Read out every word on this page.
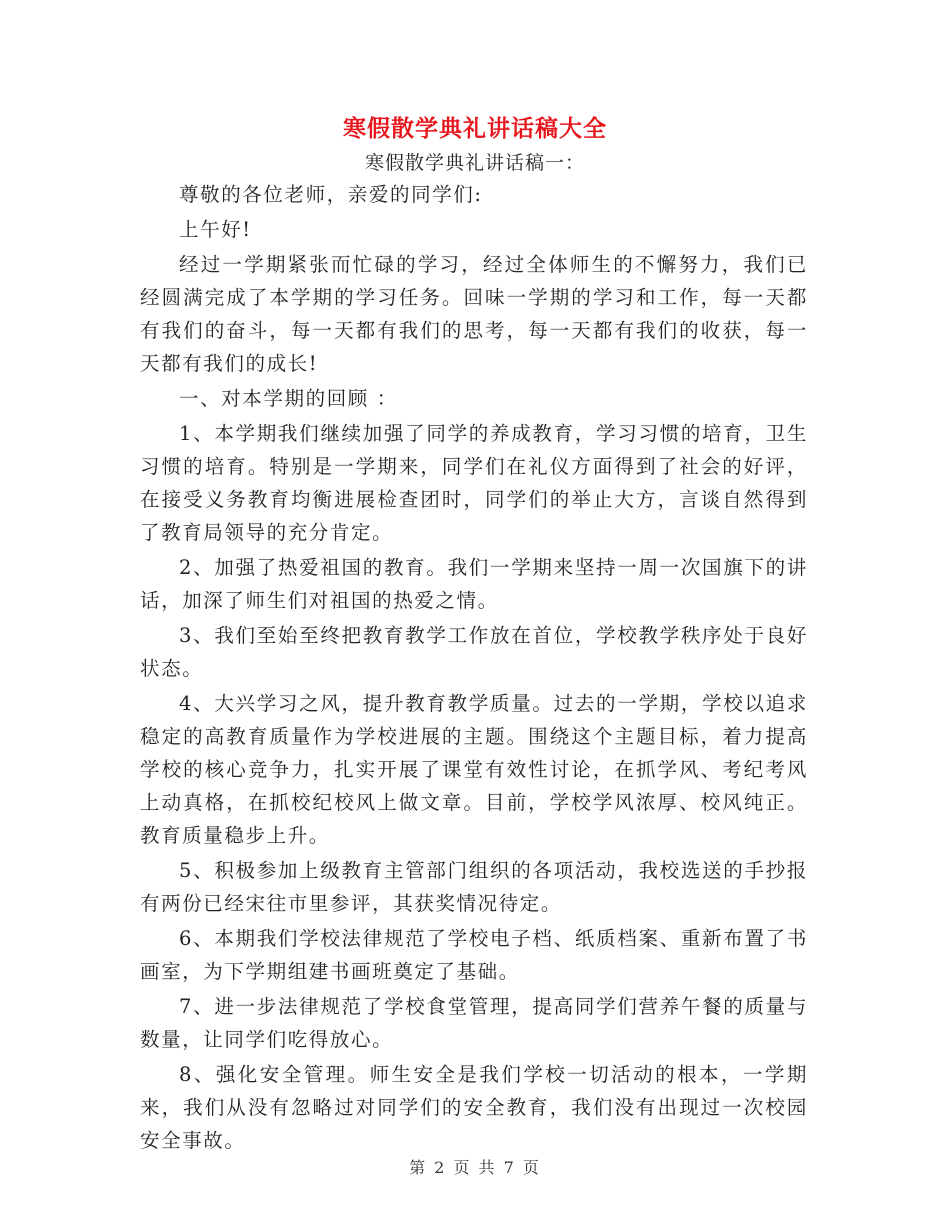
寒假散学典礼讲话稿大全
寒假散学典礼讲话稿一：

尊敬的各位老师，亲爱的同学们:

上午好!

经过一学期紧张而忙碌的学习，经过全体师生的不懈努力，我们已经圆满完成了本学期的学习任务。回味一学期的学习和工作，每一天都有我们的奋斗，每一天都有我们的思考，每一天都有我们的收获，每一天都有我们的成长!

一、对本学期的回顾 ：

1、本学期我们继续加强了同学的养成教育，学习习惯的培育，卫生习惯的培育。特别是一学期来，同学们在礼仪方面得到了社会的好评，在接受义务教育均衡进展检查团时，同学们的举止大方，言谈自然得到了教育局领导的充分肯定。

2、加强了热爱祖国的教育。我们一学期来坚持一周一次国旗下的讲话，加深了师生们对祖国的热爱之情。

3、我们至始至终把教育教学工作放在首位，学校教学秩序处于良好状态。

4、大兴学习之风，提升教育教学质量。过去的一学期，学校以追求稳定的高教育质量作为学校进展的主题。围绕这个主题目标，着力提高学校的核心竞争力，扎实开展了课堂有效性讨论，在抓学风、考纪考风上动真格，在抓校纪校风上做文章。目前，学校学风浓厚、校风纯正。教育质量稳步上升。

5、积极参加上级教育主管部门组织的各项活动，我校选送的手抄报有两份已经宋往市里参评，其获奖情况待定。

6、本期我们学校法律规范了学校电子档、纸质档案、重新布置了书画室，为下学期组建书画班奠定了基础。

7、进一步法律规范了学校食堂管理，提高同学们营养午餐的质量与数量，让同学们吃得放心。

8、强化安全管理。师生安全是我们学校一切活动的根本，一学期来，我们从没有忽略过对同学们的安全教育，我们没有出现过一次校园安全事故。

第 2 页 共 7 页
